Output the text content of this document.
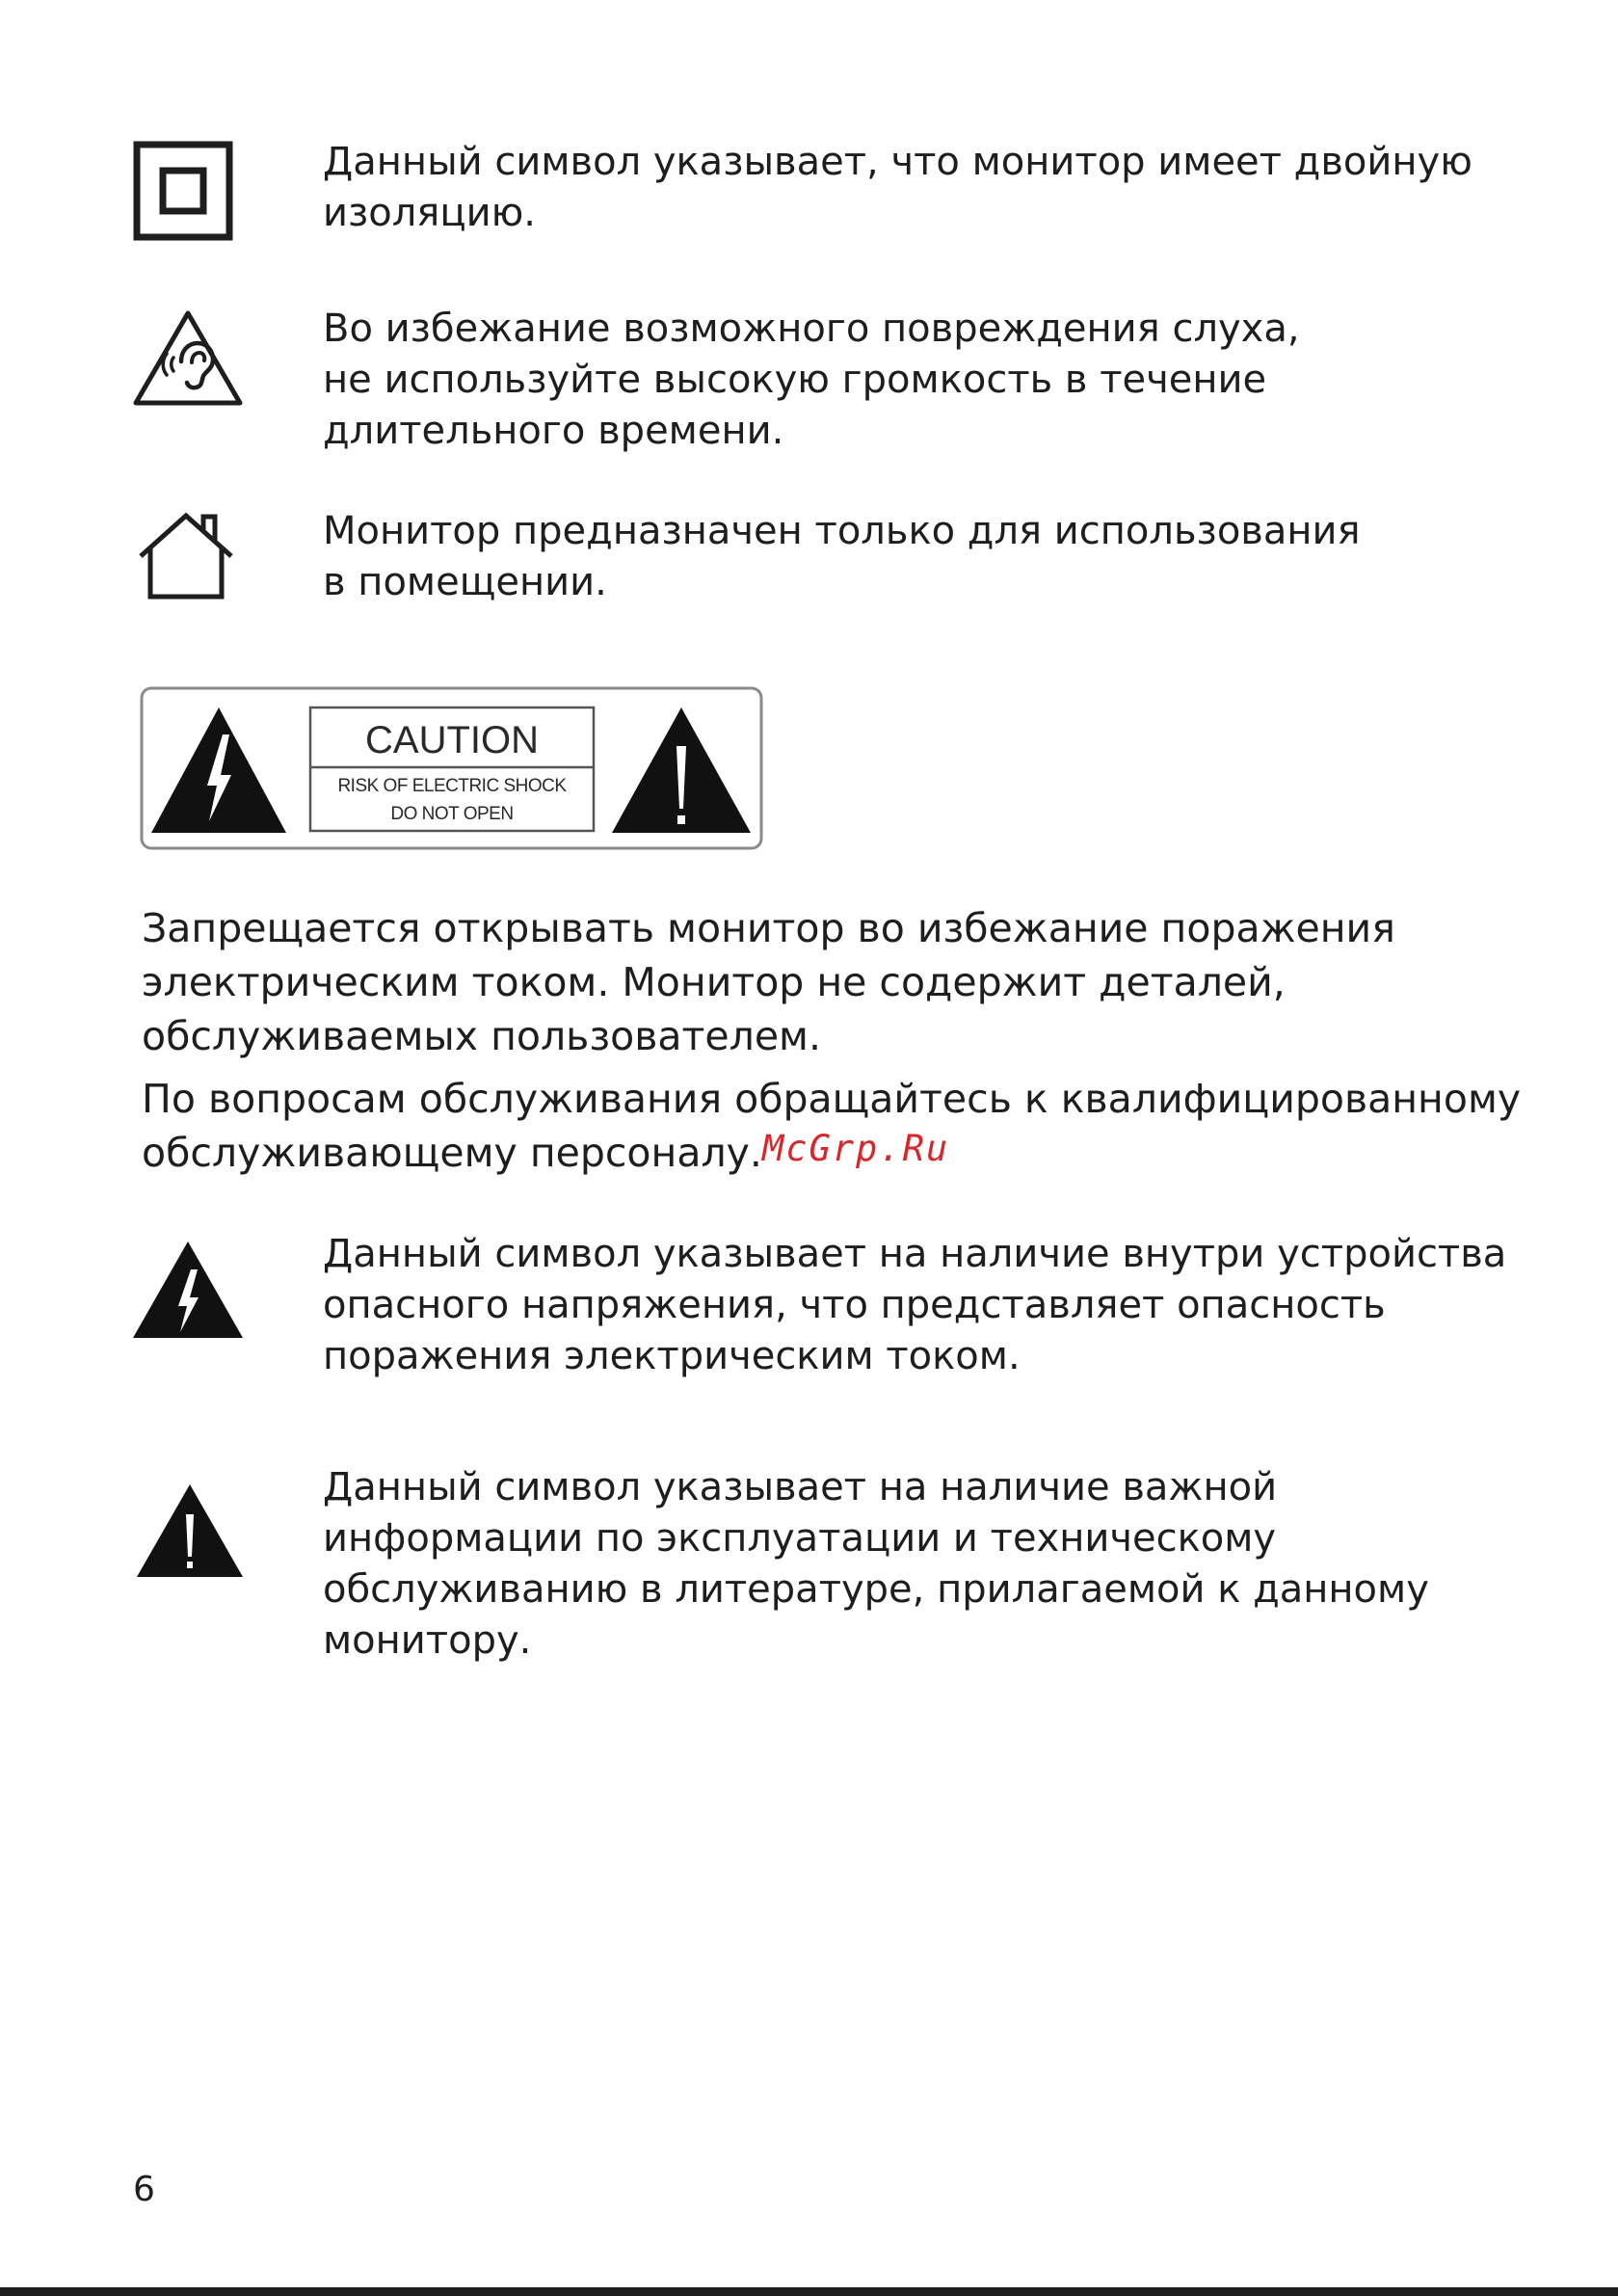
Данный символ указывает, что монитор имеет двойную
изоляцию.
Во избежание возможного повреждения слуха,
не используйте высокую громкость в течение
длительного времени.
Монитор предназначен только для использования
в помещении.
CAUTION
RISK OF ELECTRIC SHOCK
DO NOT OPEN
Запрещается открывать монитор во избежание поражения
электрическим током. Монитор не содержит деталей,
обслуживаемых пользователем.
По вопросам обслуживания обращайтесь к квалифицированному
обслуживающему персоналу.McGrp.Ru
Данный символ указывает на наличие внутри устройства
опасного напряжения, что представляет опасность
поражения электрическим током.
Данный символ указывает на наличие важной
информации по эксплуатации и техническому
обслуживанию в литературе, прилагаемой к данному
монитору.
6
